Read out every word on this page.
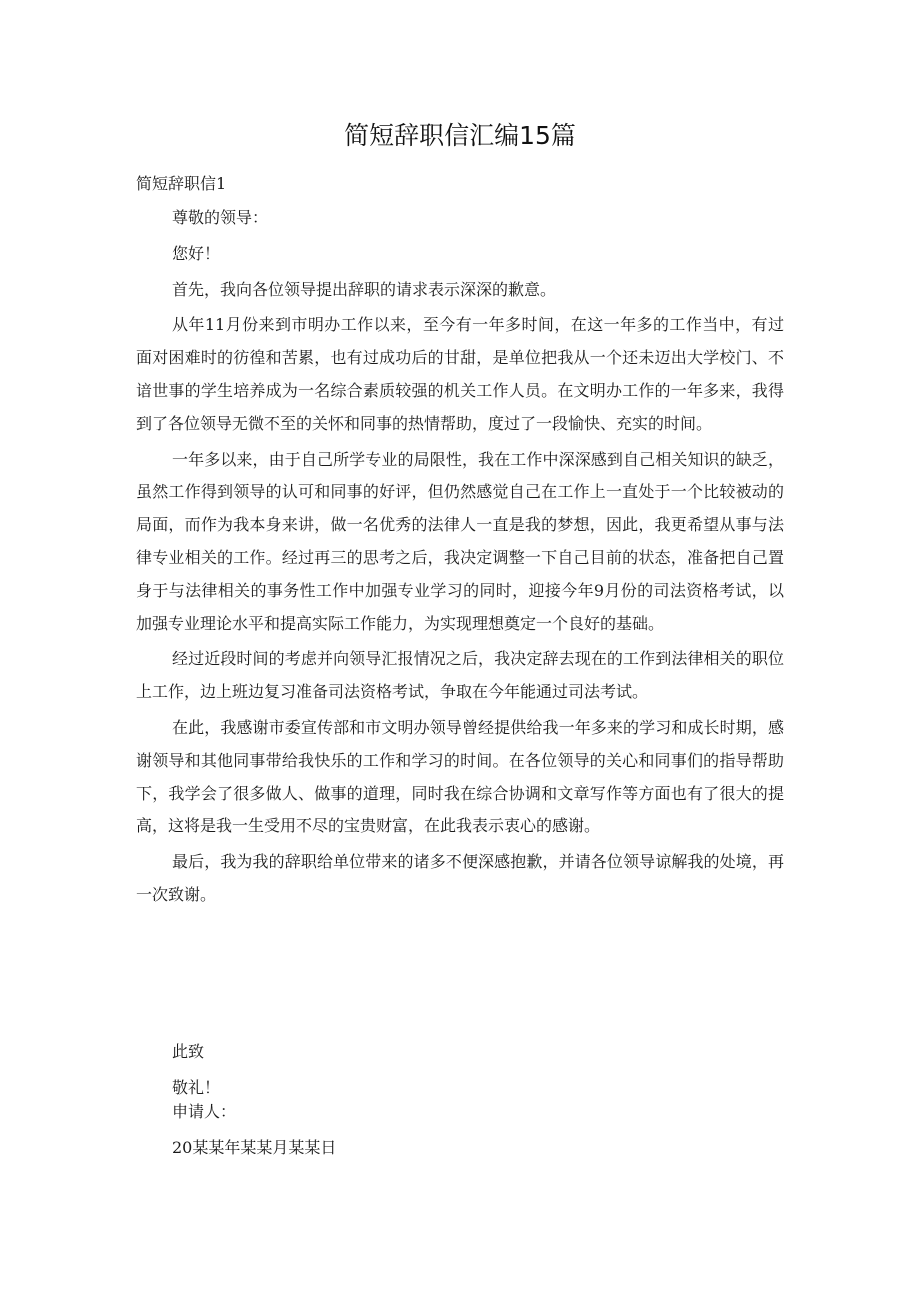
简短辞职信汇编15篇
简短辞职信1

尊敬的领导：

您好！

首先，我向各位领导提出辞职的请求表示深深的歉意。

从年11月份来到市明办工作以来，至今有一年多时间，在这一年多的工作当中，有过面对困难时的彷徨和苦累，也有过成功后的甘甜，是单位把我从一个还未迈出大学校门、不谙世事的学生培养成为一名综合素质较强的机关工作人员。在文明办工作的一年多来，我得到了各位领导无微不至的关怀和同事的热情帮助，度过了一段愉快、充实的时间。

一年多以来，由于自己所学专业的局限性，我在工作中深深感到自己相关知识的缺乏，虽然工作得到领导的认可和同事的好评，但仍然感觉自己在工作上一直处于一个比较被动的局面，而作为我本身来讲，做一名优秀的法律人一直是我的梦想，因此，我更希望从事与法律专业相关的工作。经过再三的思考之后，我决定调整一下自己目前的状态，准备把自己置身于与法律相关的事务性工作中加强专业学习的同时，迎接今年9月份的司法资格考试，以加强专业理论水平和提高实际工作能力，为实现理想奠定一个良好的基础。

经过近段时间的考虑并向领导汇报情况之后，我决定辞去现在的工作到法律相关的职位上工作，边上班边复习准备司法资格考试，争取在今年能通过司法考试。

在此，我感谢市委宣传部和市文明办领导曾经提供给我一年多来的学习和成长时期，感谢领导和其他同事带给我快乐的工作和学习的时间。在各位领导的关心和同事们的指导帮助下，我学会了很多做人、做事的道理，同时我在综合协调和文章写作等方面也有了很大的提高，这将是我一生受用不尽的宝贵财富，在此我表示衷心的感谢。

最后，我为我的辞职给单位带来的诸多不便深感抱歉，并请各位领导谅解我的处境，再一次致谢。

此致
敬礼！
申请人：
20某某年某某月某某日
